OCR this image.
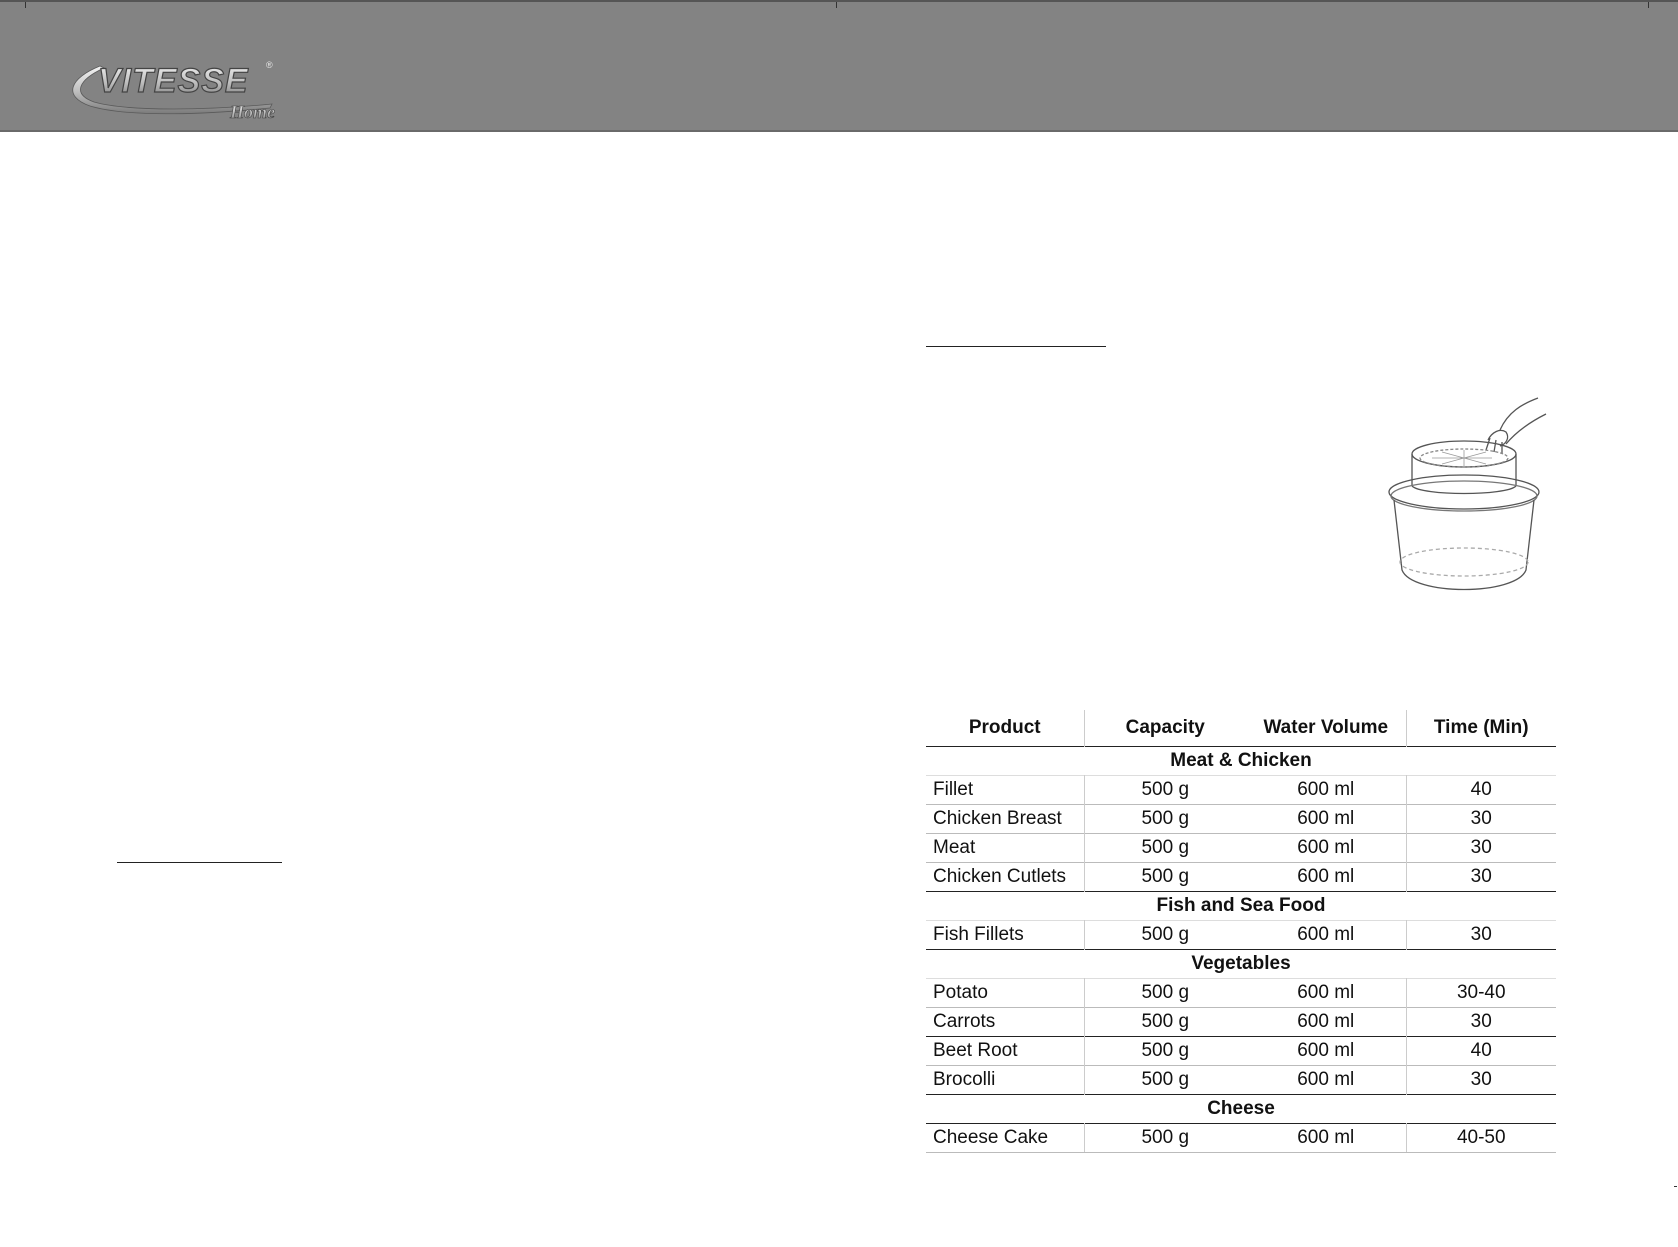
VITESSE ®
Home
Product	Capacity	Water Volume	Time (Min)
Meat & Chicken			
Fillet	500 g	600 ml	40
Chicken Breast	500 g	600 ml	30
Meat	500 g	600 ml	30
Chicken Cutlets	500 g	600 ml	30
Fish and Sea Food			
Fish Fillets	500 g	600 ml	30
Vegetables			
Potato	500 g	600 ml	30-40
Carrots	500 g	600 ml	30
Beet Root	500 g	600 ml	40
Brocolli	500 g	600 ml	30
Cheese			
Cheese Cake	500 g	600 ml	40-50
